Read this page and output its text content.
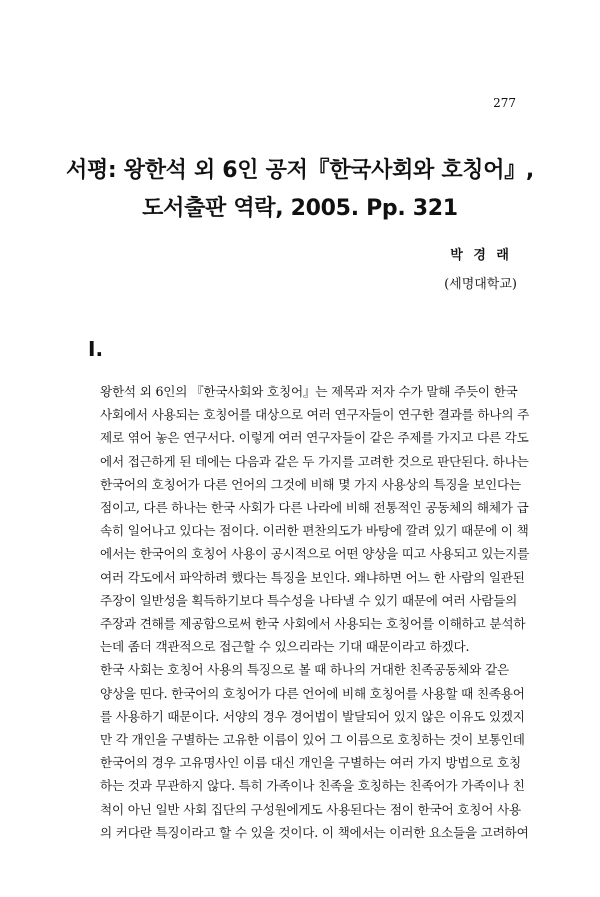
277
서평: 왕한석 외 6인 공저『한국사회와 호칭어』,
도서출판 역락, 2005. Pp. 321
박 경 래
(세명대학교)
I.

왕한석 외 6인의 『한국사회와 호칭어』는 제목과 저자 수가 말해 주듯이 한국
사회에서 사용되는 호칭어를 대상으로 여러 연구자들이 연구한 결과를 하나의 주
제로 엮어 놓은 연구서다. 이렇게 여러 연구자들이 같은 주제를 가지고 다른 각도
에서 접근하게 된 데에는 다음과 같은 두 가지를 고려한 것으로 판단된다. 하나는
한국어의 호칭어가 다른 언어의 그것에 비해 몇 가지 사용상의 특징을 보인다는
점이고, 다른 하나는 한국 사회가 다른 나라에 비해 전통적인 공동체의 해체가 급
속히 일어나고 있다는 점이다. 이러한 편찬의도가 바탕에 깔려 있기 때문에 이 책
에서는 한국어의 호칭어 사용이 공시적으로 어떤 양상을 띠고 사용되고 있는지를
여러 각도에서 파악하려 했다는 특징을 보인다. 왜냐하면 어느 한 사람의 일관된
주장이 일반성을 획득하기보다 특수성을 나타낼 수 있기 때문에 여러 사람들의
주장과 견해를 제공함으로써 한국 사회에서 사용되는 호칭어를 이해하고 분석하
는데 좀더 객관적으로 접근할 수 있으리라는 기대 때문이라고 하겠다.

한국 사회는 호칭어 사용의 특징으로 볼 때 하나의 거대한 친족공동체와 같은
양상을 띤다. 한국어의 호칭어가 다른 언어에 비해 호칭어를 사용할 때 친족용어
를 사용하기 때문이다. 서양의 경우 경어법이 발달되어 있지 않은 이유도 있겠지
만 각 개인을 구별하는 고유한 이름이 있어 그 이름으로 호칭하는 것이 보통인데
한국어의 경우 고유명사인 이름 대신 개인을 구별하는 여러 가지 방법으로 호칭
하는 것과 무관하지 않다. 특히 가족이나 친족을 호칭하는 친족어가 가족이나 친
척이 아닌 일반 사회 집단의 구성원에게도 사용된다는 점이 한국어 호칭어 사용
의 커다란 특징이라고 할 수 있을 것이다. 이 책에서는 이러한 요소들을 고려하여
